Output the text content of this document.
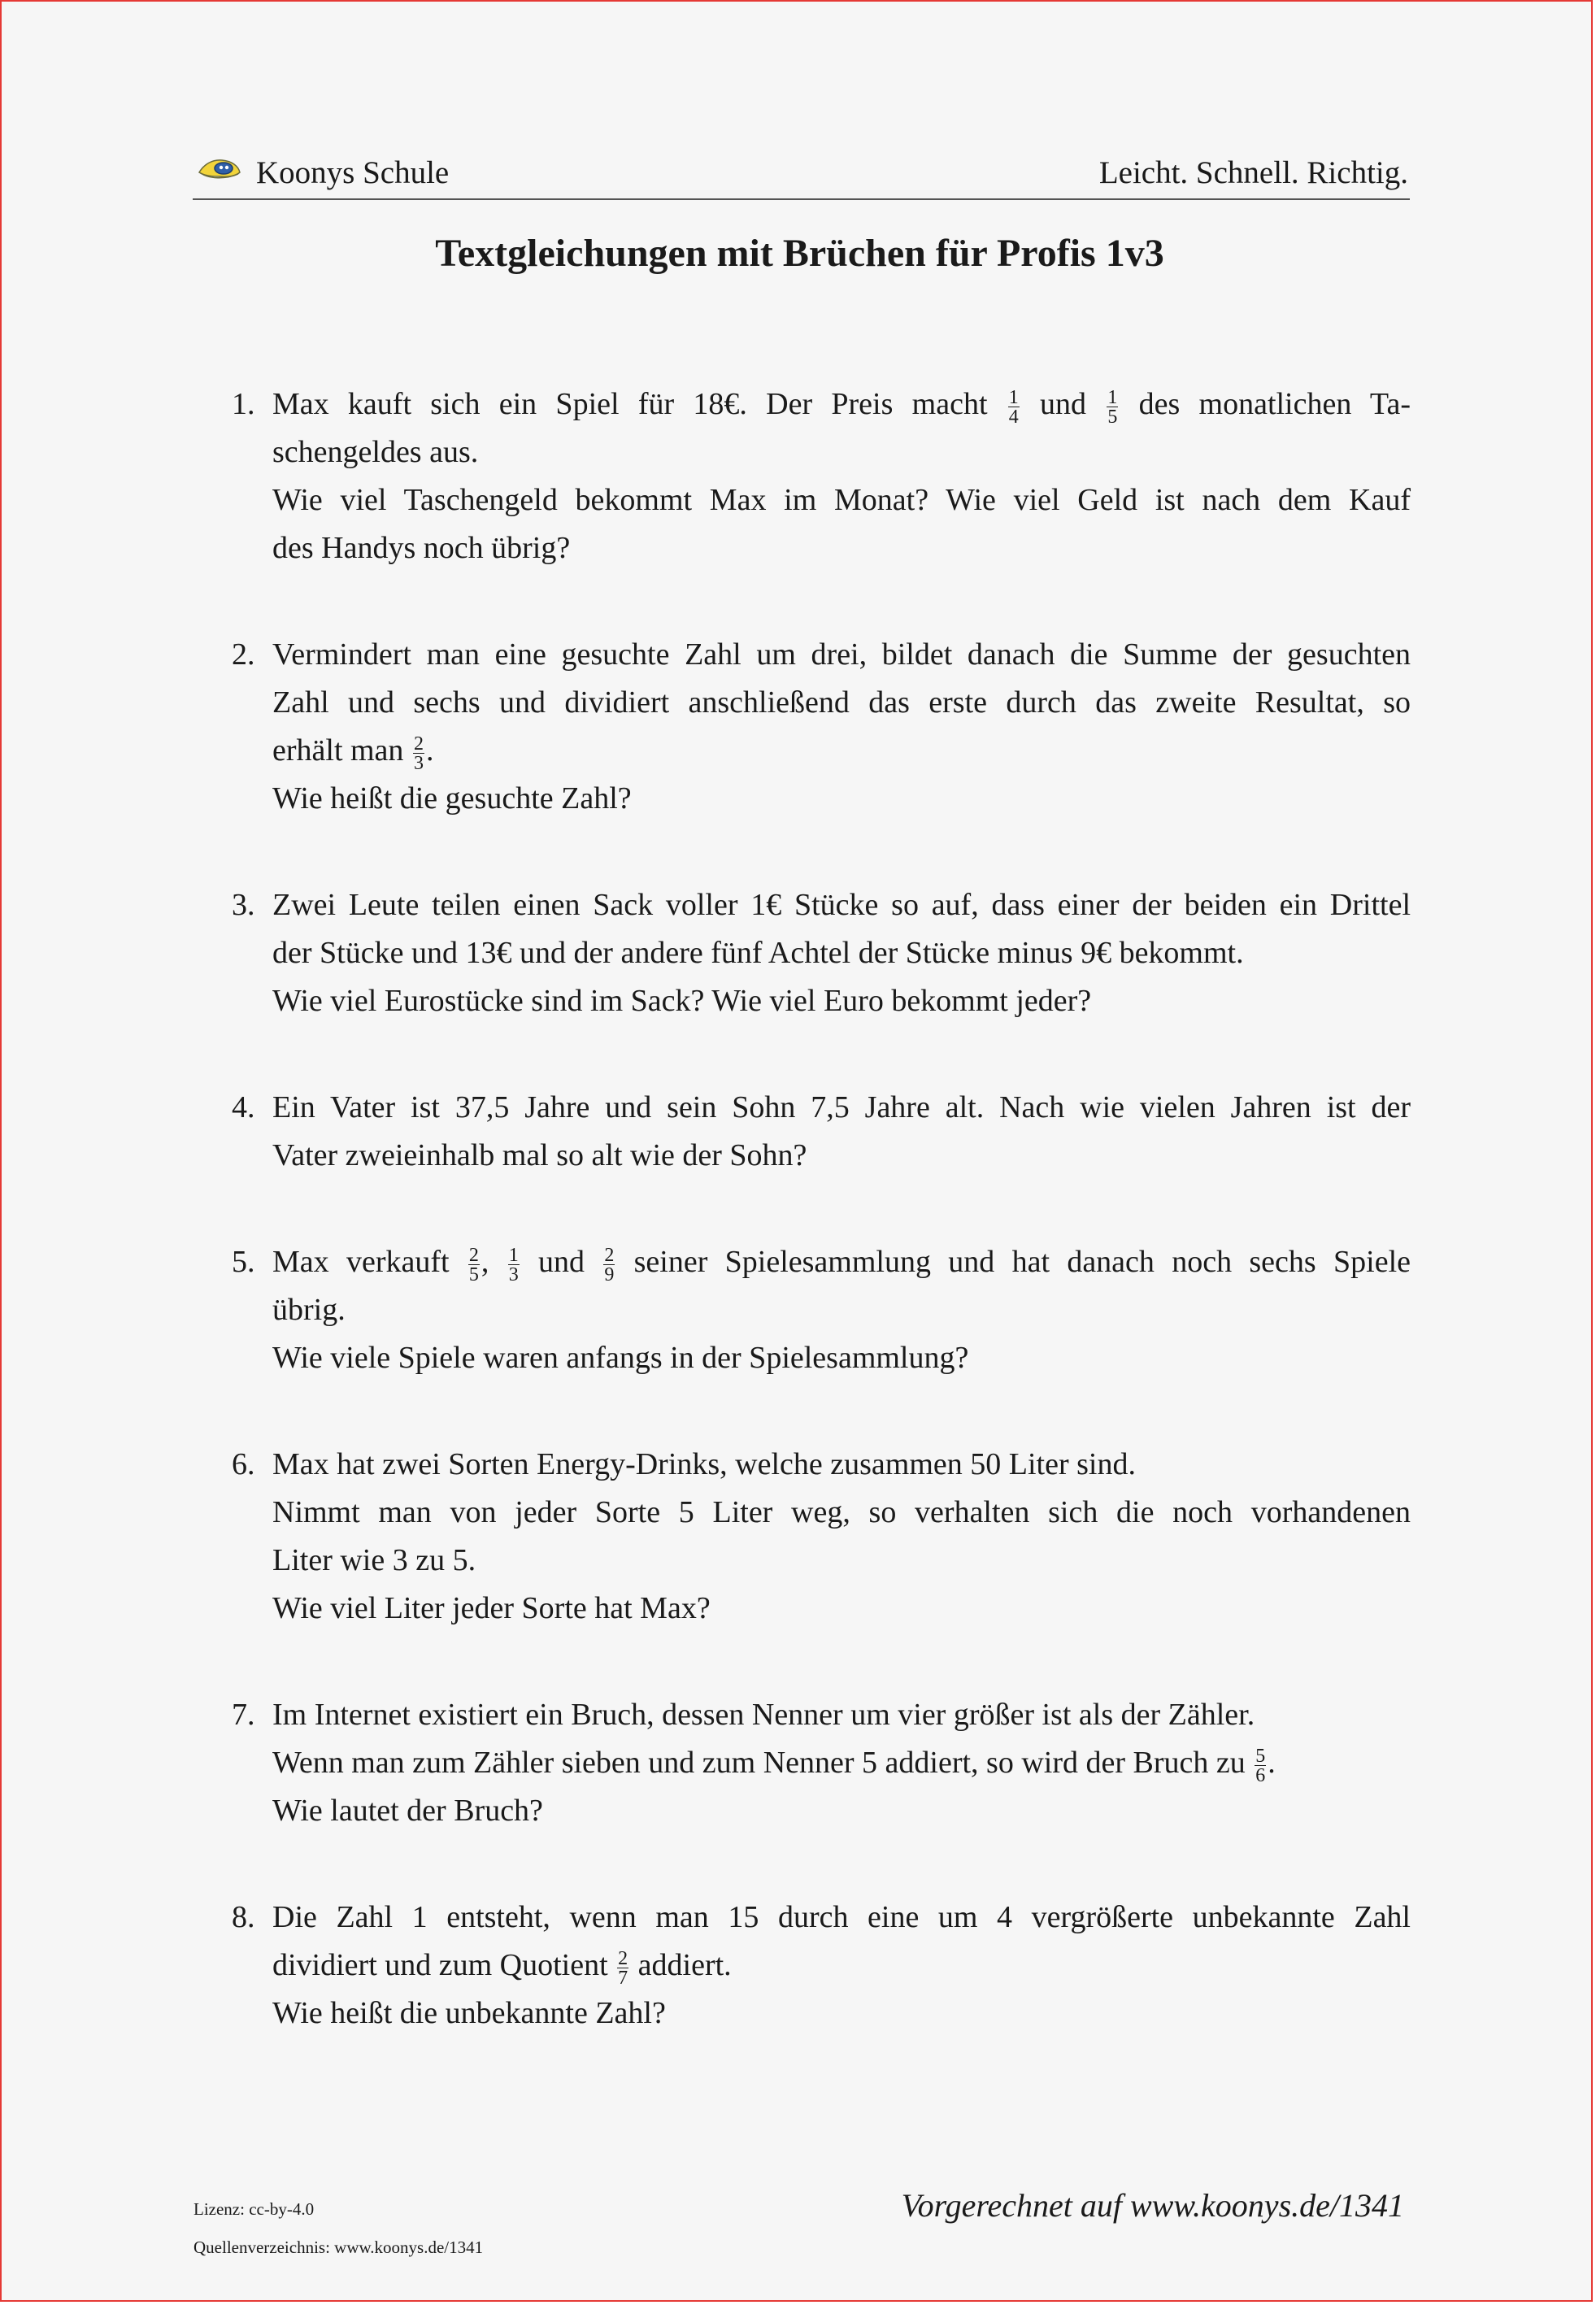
Koonys Schule	Leicht. Schnell. Richtig.
Textgleichungen mit Brüchen für Profis 1v3
1. Max kauft sich ein Spiel für 18€. Der Preis macht $\frac{1}{4}$ und $\frac{1}{5}$ des monatlichen Ta-
schengeldes aus.
Wie viel Taschengeld bekommt Max im Monat? Wie viel Geld ist nach dem Kauf
des Handys noch übrig?
2. Vermindert man eine gesuchte Zahl um drei, bildet danach die Summe der gesuchten
Zahl und sechs und dividiert anschließend das erste durch das zweite Resultat, so
erhält man $\frac{2}{3}$ .
Wie heißt die gesuchte Zahl?
3. Zwei Leute teilen einen Sack voller 1€ Stücke so auf, dass einer der beiden ein Drittel
der Stücke und 13€ und der andere fünf Achtel der Stücke minus 9€ bekommt.
Wie viel Eurostücke sind im Sack? Wie viel Euro bekommt jeder?
4. Ein Vater ist 37,5 Jahre und sein Sohn 7,5 Jahre alt. Nach wie vielen Jahren ist der
Vater zweieinhalb mal so alt wie der Sohn?
5. Max verkauft $\frac{2}{5}$ , $\frac{1}{3}$ und $\frac{2}{9}$ seiner Spielesammlung und hat danach noch sechs Spiele
übrig.
Wie viele Spiele waren anfangs in der Spielesammlung?
6. Max hat zwei Sorten Energy-Drinks, welche zusammen 50 Liter sind.
Nimmt man von jeder Sorte 5 Liter weg, so verhalten sich die noch vorhandenen
Liter wie 3 zu 5.
Wie viel Liter jeder Sorte hat Max?
7. Im Internet existiert ein Bruch, dessen Nenner um vier größer ist als der Zähler.
Wenn man zum Zähler sieben und zum Nenner 5 addiert, so wird der Bruch zu $\frac{5}{6}$ .
Wie lautet der Bruch?
8. Die Zahl 1 entsteht, wenn man 15 durch eine um 4 vergrößerte unbekannte Zahl
dividiert und zum Quotient $\frac{2}{7}$ addiert.
Wie heißt die unbekannte Zahl?
Lizenz: cc-by-4.0
Quellenverzeichnis: www.koonys.de/1341
Vorgerechnet auf www.koonys.de/1341
